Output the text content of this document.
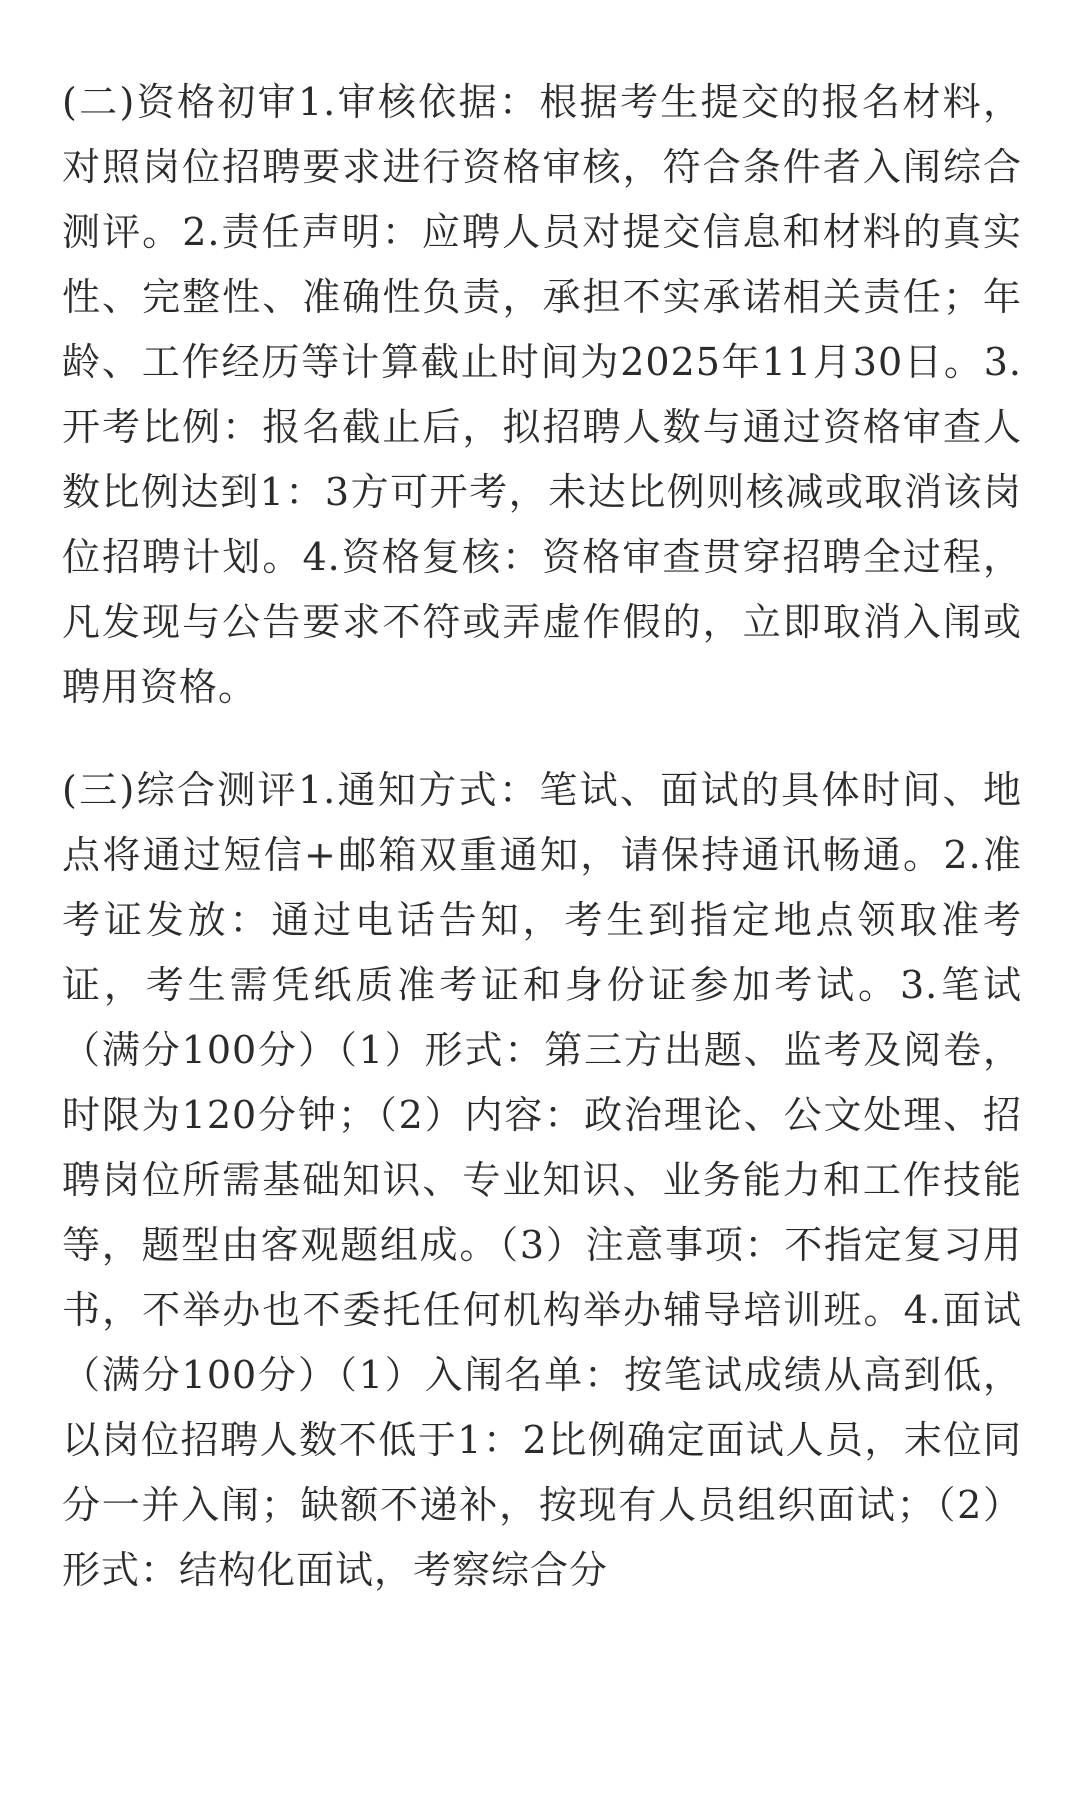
(二)资格初审1.审核依据：根据考生提交的报名材料，对照岗位招聘要求进行资格审核，符合条件者入闱综合测评。2.责任声明：应聘人员对提交信息和材料的真实性、完整性、准确性负责，承担不实承诺相关责任；年龄、工作经历等计算截止时间为2025年11月30日。3.开考比例：报名截止后，拟招聘人数与通过资格审查人数比例达到1：3方可开考，未达比例则核减或取消该岗位招聘计划。4.资格复核：资格审查贯穿招聘全过程，凡发现与公告要求不符或弄虚作假的，立即取消入闱或聘用资格。

(三)综合测评1.通知方式：笔试、面试的具体时间、地点将通过短信+邮箱双重通知，请保持通讯畅通。2.准考证发放：通过电话告知，考生到指定地点领取准考证，考生需凭纸质准考证和身份证参加考试。3.笔试（满分100分）（1）形式：第三方出题、监考及阅卷，时限为120分钟；（2）内容：政治理论、公文处理、招聘岗位所需基础知识、专业知识、业务能力和工作技能等，题型由客观题组成。（3）注意事项：不指定复习用书，不举办也不委托任何机构举办辅导培训班。4.面试（满分100分）（1）入闱名单：按笔试成绩从高到低，以岗位招聘人数不低于1：2比例确定面试人员，末位同分一并入闱；缺额不递补，按现有人员组织面试；（2）形式：结构化面试，考察综合分
